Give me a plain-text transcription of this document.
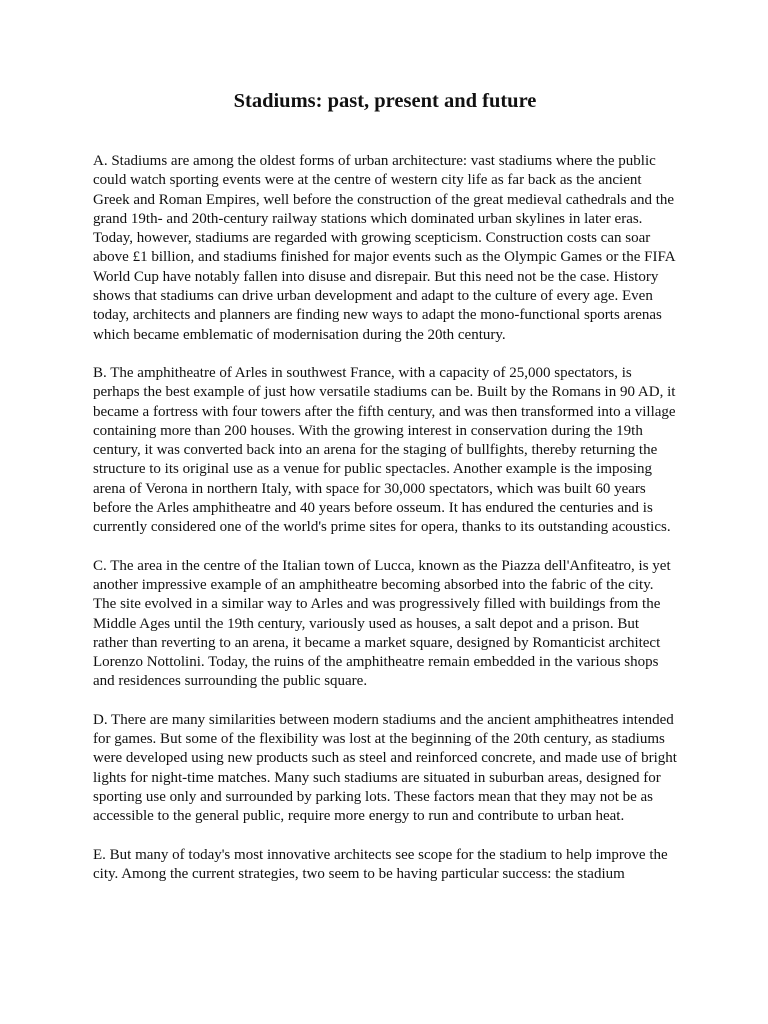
Stadiums: past, present and future

A. Stadiums are among the oldest forms of urban architecture: vast stadiums where the public could watch sporting events were at the centre of western city life as far back as the ancient Greek and Roman Empires, well before the construction of the great medieval cathedrals and the grand 19th- and 20th-century railway stations which dominated urban skylines in later eras. Today, however, stadiums are regarded with growing scepticism. Construction costs can soar above £1 billion, and stadiums finished for major events such as the Olympic Games or the FIFA World Cup have notably fallen into disuse and disrepair. But this need not be the case. History shows that stadiums can drive urban development and adapt to the culture of every age. Even today, architects and planners are finding new ways to adapt the mono-functional sports arenas which became emblematic of modernisation during the 20th century.

B. The amphitheatre of Arles in southwest France, with a capacity of 25,000 spectators, is perhaps the best example of just how versatile stadiums can be. Built by the Romans in 90 AD, it became a fortress with four towers after the fifth century, and was then transformed into a village containing more than 200 houses. With the growing interest in conservation during the 19th century, it was converted back into an arena for the staging of bullfights, thereby returning the structure to its original use as a venue for public spectacles. Another example is the imposing arena of Verona in northern Italy, with space for 30,000 spectators, which was built 60 years before the Arles amphitheatre and 40 years before osseum. It has endured the centuries and is currently considered one of the world's prime sites for opera, thanks to its outstanding acoustics.

C. The area in the centre of the Italian town of Lucca, known as the Piazza dell'Anfiteatro, is yet another impressive example of an amphitheatre becoming absorbed into the fabric of the city. The site evolved in a similar way to Arles and was progressively filled with buildings from the Middle Ages until the 19th century, variously used as houses, a salt depot and a prison. But rather than reverting to an arena, it became a market square, designed by Romanticist architect Lorenzo Nottolini. Today, the ruins of the amphitheatre remain embedded in the various shops and residences surrounding the public square.

D. There are many similarities between modern stadiums and the ancient amphitheatres intended for games. But some of the flexibility was lost at the beginning of the 20th century, as stadiums were developed using new products such as steel and reinforced concrete, and made use of bright lights for night-time matches. Many such stadiums are situated in suburban areas, designed for sporting use only and surrounded by parking lots. These factors mean that they may not be as accessible to the general public, require more energy to run and contribute to urban heat.

E. But many of today's most innovative architects see scope for the stadium to help improve the city. Among the current strategies, two seem to be having particular success: the stadium
